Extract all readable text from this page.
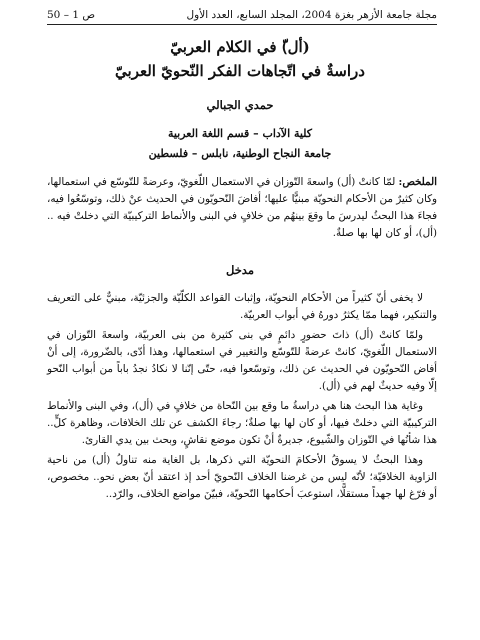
مجلة جامعة الأزهر بغزة 2004، المجلد السابع، العدد الأول
ص 1 – 50
(أل)ّ في الكلام العربيّ
دراسةٌ في اتّجاهات الفكر النّحويّ العربيّ
حمدي الجبالي
كلية الآداب – قسم اللغة العربية
جامعة النجاح الوطنية، نابلس – فلسطين
الملخص: لمّا كانتْ (أل) واسعةَ التّوزان في الاستعمال اللّغويّ، وعرضةً للتّوسّع في استعمالها، وكان كثيرٌ من الأحكام النحويّة مبنيًّا عليها؛ أفاضَ النّحويّون في الحديث عنْ ذلك، وتوسّعُوا فيه، فجاءَ هذا البحثُ ليدرسَ ما وقعَ بينهُم من خلافٍ في البنى والأنماط التركيبيّة التي دخلتْ فيه ..(أل)، أو كان لها بها صلةٌ.
مدخل

لا يخفى أنّ كثيراً من الأحكام النحويّة، وإثبات القواعد الكلّيّة والجزئيّة، مبنيٌّ على التعريف والتنكير، فهما ممّا يكثرُ دورهُ في أبواب العربيّة.

ولمّا كانتْ (أل) ذاتَ حضورٍ دائمٍ في بنى كثيرة من بنى العربيّة، واسعةَ التّوزان في الاستعمال اللّغويّ، كانتْ عرضةً للتّوسّع والتغيير في استعمالها، وهذا أدّى، بالضّرورة، إلى أنْ أفاض النّحويّون في الحديث عن ذلك، وتوسّعوا فيه، حتّى إنّنا لا نكادُ نجدُ باباً من أبواب النّحو إلّا وفيه حديثٌ لهم في (أل).

وغاية هذا البحث هنا هي دراسةُ ما وقع بين النّحاة من خلافٍ في (أل)، وفي البنى والأنماط التركيبيّة التي دخلتْ فيها، أو كان لها بها صلةٌ؛ رجاءَ الكشف عن تلك الخلافات، وظاهرة كلٍّ.. هذا شأنُها في التّوزان والشّيوع، جديرةٌ أنْ تكون موضع نقاشٍ، وبحث بين يدي القارئ.

وهذا البحثُ لا يسوقُ الأحكامَ النحويّة التي ذكرها، بل الغاية منه تناولُ (أل) من ناحية الزاوية الخلافيّة؛ لأنّه ليس من غرضنا الخلاف النّحويّ أحد إذ اعتقد أنّ بعض نحو.. مخصوص، أو فرّغ لها جهداً مستقلًّا، استوعبَ أحكامها النّحويّة، فبيّنَ مواضع الخلاف، والرّد..
